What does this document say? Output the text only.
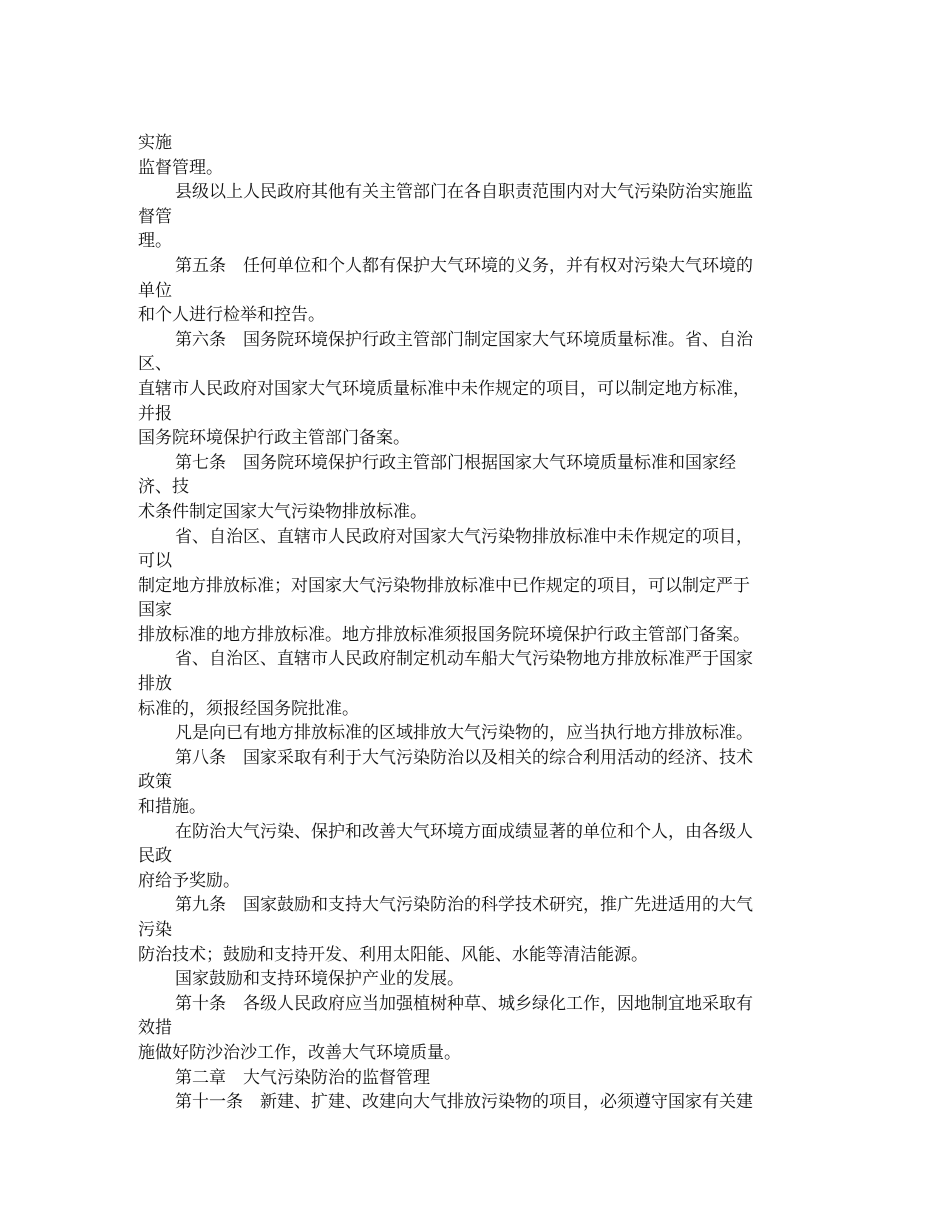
实施
监督管理。
县级以上人民政府其他有关主管部门在各自职责范围内对大气污染防治实施监
督管
理。
第五条　任何单位和个人都有保护大气环境的义务，并有权对污染大气环境的
单位
和个人进行检举和控告。
第六条　国务院环境保护行政主管部门制定国家大气环境质量标准。省、自治
区、
直辖市人民政府对国家大气环境质量标准中未作规定的项目，可以制定地方标准，
并报
国务院环境保护行政主管部门备案。
第七条　国务院环境保护行政主管部门根据国家大气环境质量标准和国家经
济、技
术条件制定国家大气污染物排放标准。
省、自治区、直辖市人民政府对国家大气污染物排放标准中未作规定的项目，
可以
制定地方排放标准；对国家大气污染物排放标准中已作规定的项目，可以制定严于
国家
排放标准的地方排放标准。地方排放标准须报国务院环境保护行政主管部门备案。
省、自治区、直辖市人民政府制定机动车船大气污染物地方排放标准严于国家
排放
标准的，须报经国务院批准。
凡是向已有地方排放标准的区域排放大气污染物的，应当执行地方排放标准。
第八条　国家采取有利于大气污染防治以及相关的综合利用活动的经济、技术
政策
和措施。
在防治大气污染、保护和改善大气环境方面成绩显著的单位和个人，由各级人
民政
府给予奖励。
第九条　国家鼓励和支持大气污染防治的科学技术研究，推广先进适用的大气
污染
防治技术；鼓励和支持开发、利用太阳能、风能、水能等清洁能源。
国家鼓励和支持环境保护产业的发展。
第十条　各级人民政府应当加强植树种草、城乡绿化工作，因地制宜地采取有
效措
施做好防沙治沙工作，改善大气环境质量。
第二章　大气污染防治的监督管理
第十一条　新建、扩建、改建向大气排放污染物的项目，必须遵守国家有关建
